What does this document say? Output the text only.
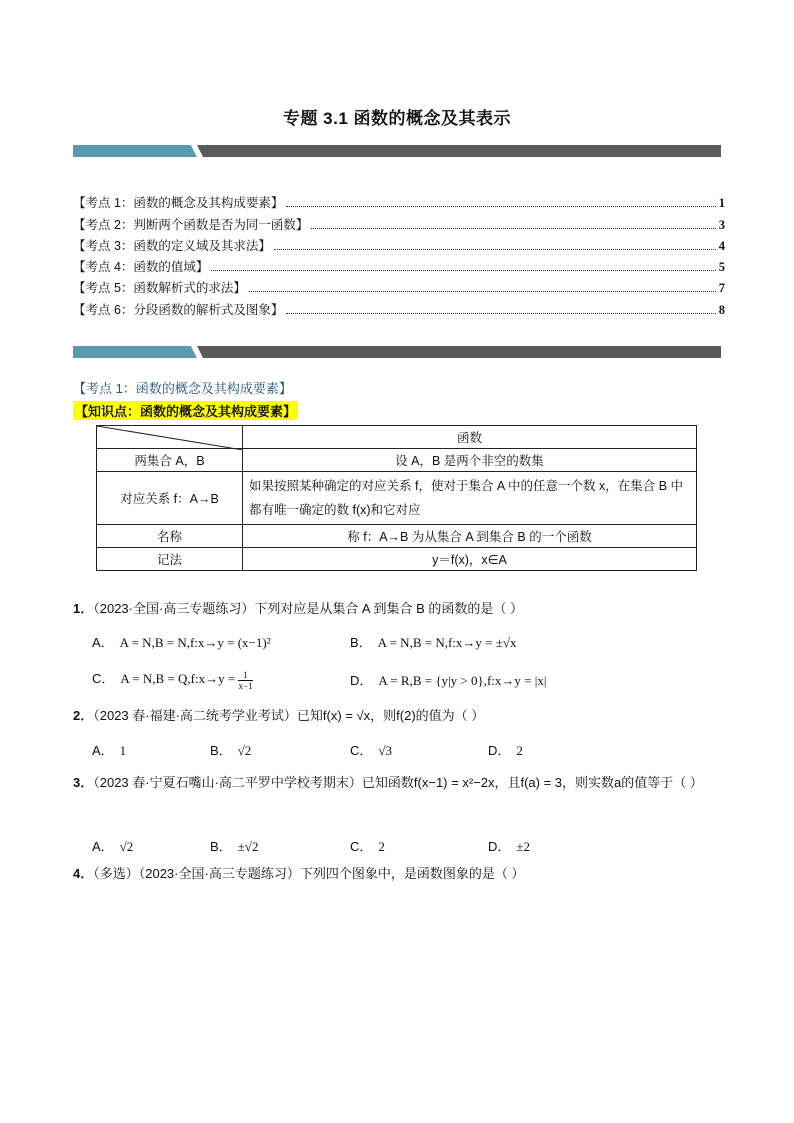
专题 3.1 函数的概念及其表示
【考点 1：函数的概念及其构成要素】	1
【考点 2：判断两个函数是否为同一函数】	3
【考点 3：函数的定义域及其求法】	4
【考点 4：函数的值域】	5
【考点 5：函数解析式的求法】	7
【考点 6：分段函数的解析式及图象】	8
【考点 1：函数的概念及其构成要素】
【知识点：函数的概念及其构成要素】
	函数
两集合 A，B	设 A，B 是两个非空的数集
对应关系 f：A→B	如果按照某种确定的对应关系 f，使对于集合 A 中的任意一个数 x，在集合 B 中都有唯一确定的数 f(x)和它对应
名称	称 f：A→B 为从集合 A 到集合 B 的一个函数
记法	y＝f(x)，x∈A
1．（2023·全国·高三专题练习）下列对应是从集合 A 到集合 B 的函数的是（ ）
A． A = N,B = N,f:x→y = (x−1)²	B． A = N,B = N,f:x→y = ±√x
C． A = N,B = Q,f:x→y = $\frac{1}{x-1}$	D． A = R,B = {y|y > 0},f:x→y = |x|
2．（2023 春·福建·高二统考学业考试）已知f(x) = √x，则f(2)的值为（ ）
A． 1	B． √2	C． √3	D． 2
3．（2023 春·宁夏石嘴山·高二平罗中学校考期末）已知函数f(x−1) = x²−2x，且f(a) = 3，则实数a的值等于（ ）
A． √2	B． ±√2	C． 2	D． ±2
4．（多选）（2023·全国·高三专题练习）下列四个图象中，是函数图象的是（ ）
